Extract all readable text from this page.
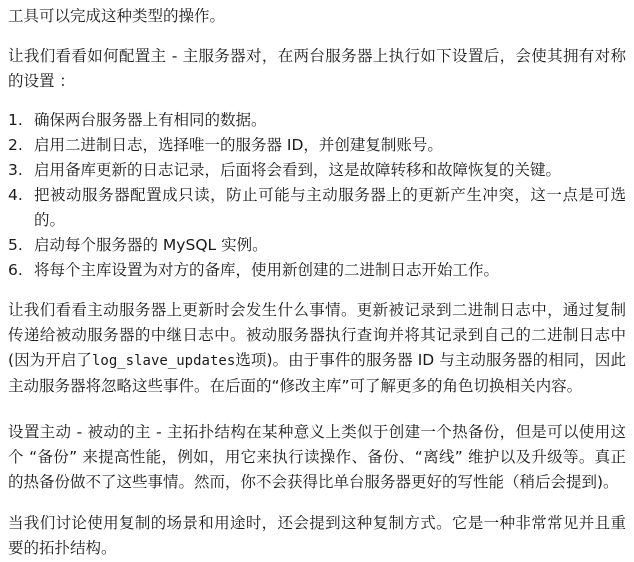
工具可以完成这种类型的操作。

让我们看看如何配置主 - 主服务器对，在两台服务器上执行如下设置后，会使其拥有对称的设置 ：

1. 确保两台服务器上有相同的数据。
2. 启用二进制日志，选择唯一的服务器 ID，并创建复制账号。
3. 启用备库更新的日志记录，后面将会看到，这是故障转移和故障恢复的关键。
4. 把被动服务器配置成只读，防止可能与主动服务器上的更新产生冲突，这一点是可选的。
5. 启动每个服务器的 MySQL 实例。
6. 将每个主库设置为对方的备库，使用新创建的二进制日志开始工作。

让我们看看主动服务器上更新时会发生什么事情。更新被记录到二进制日志中，通过复制传递给被动服务器的中继日志中。被动服务器执行查询并将其记录到自己的二进制日志中(因为开启了log_slave_updates选项)。由于事件的服务器 ID 与主动服务器的相同，因此主动服务器将忽略这些事件。在后面的“修改主库”可了解更多的角色切换相关内容。

设置主动 - 被动的主 - 主拓扑结构在某种意义上类似于创建一个热备份，但是可以使用这个 “备份” 来提高性能，例如，用它来执行读操作、备份、“离线” 维护以及升级等。真正的热备份做不了这些事情。然而，你不会获得比单台服务器更好的写性能（稍后会提到)。

当我们讨论使用复制的场景和用途时，还会提到这种复制方式。它是一种非常常见并且重要的拓扑结构。
